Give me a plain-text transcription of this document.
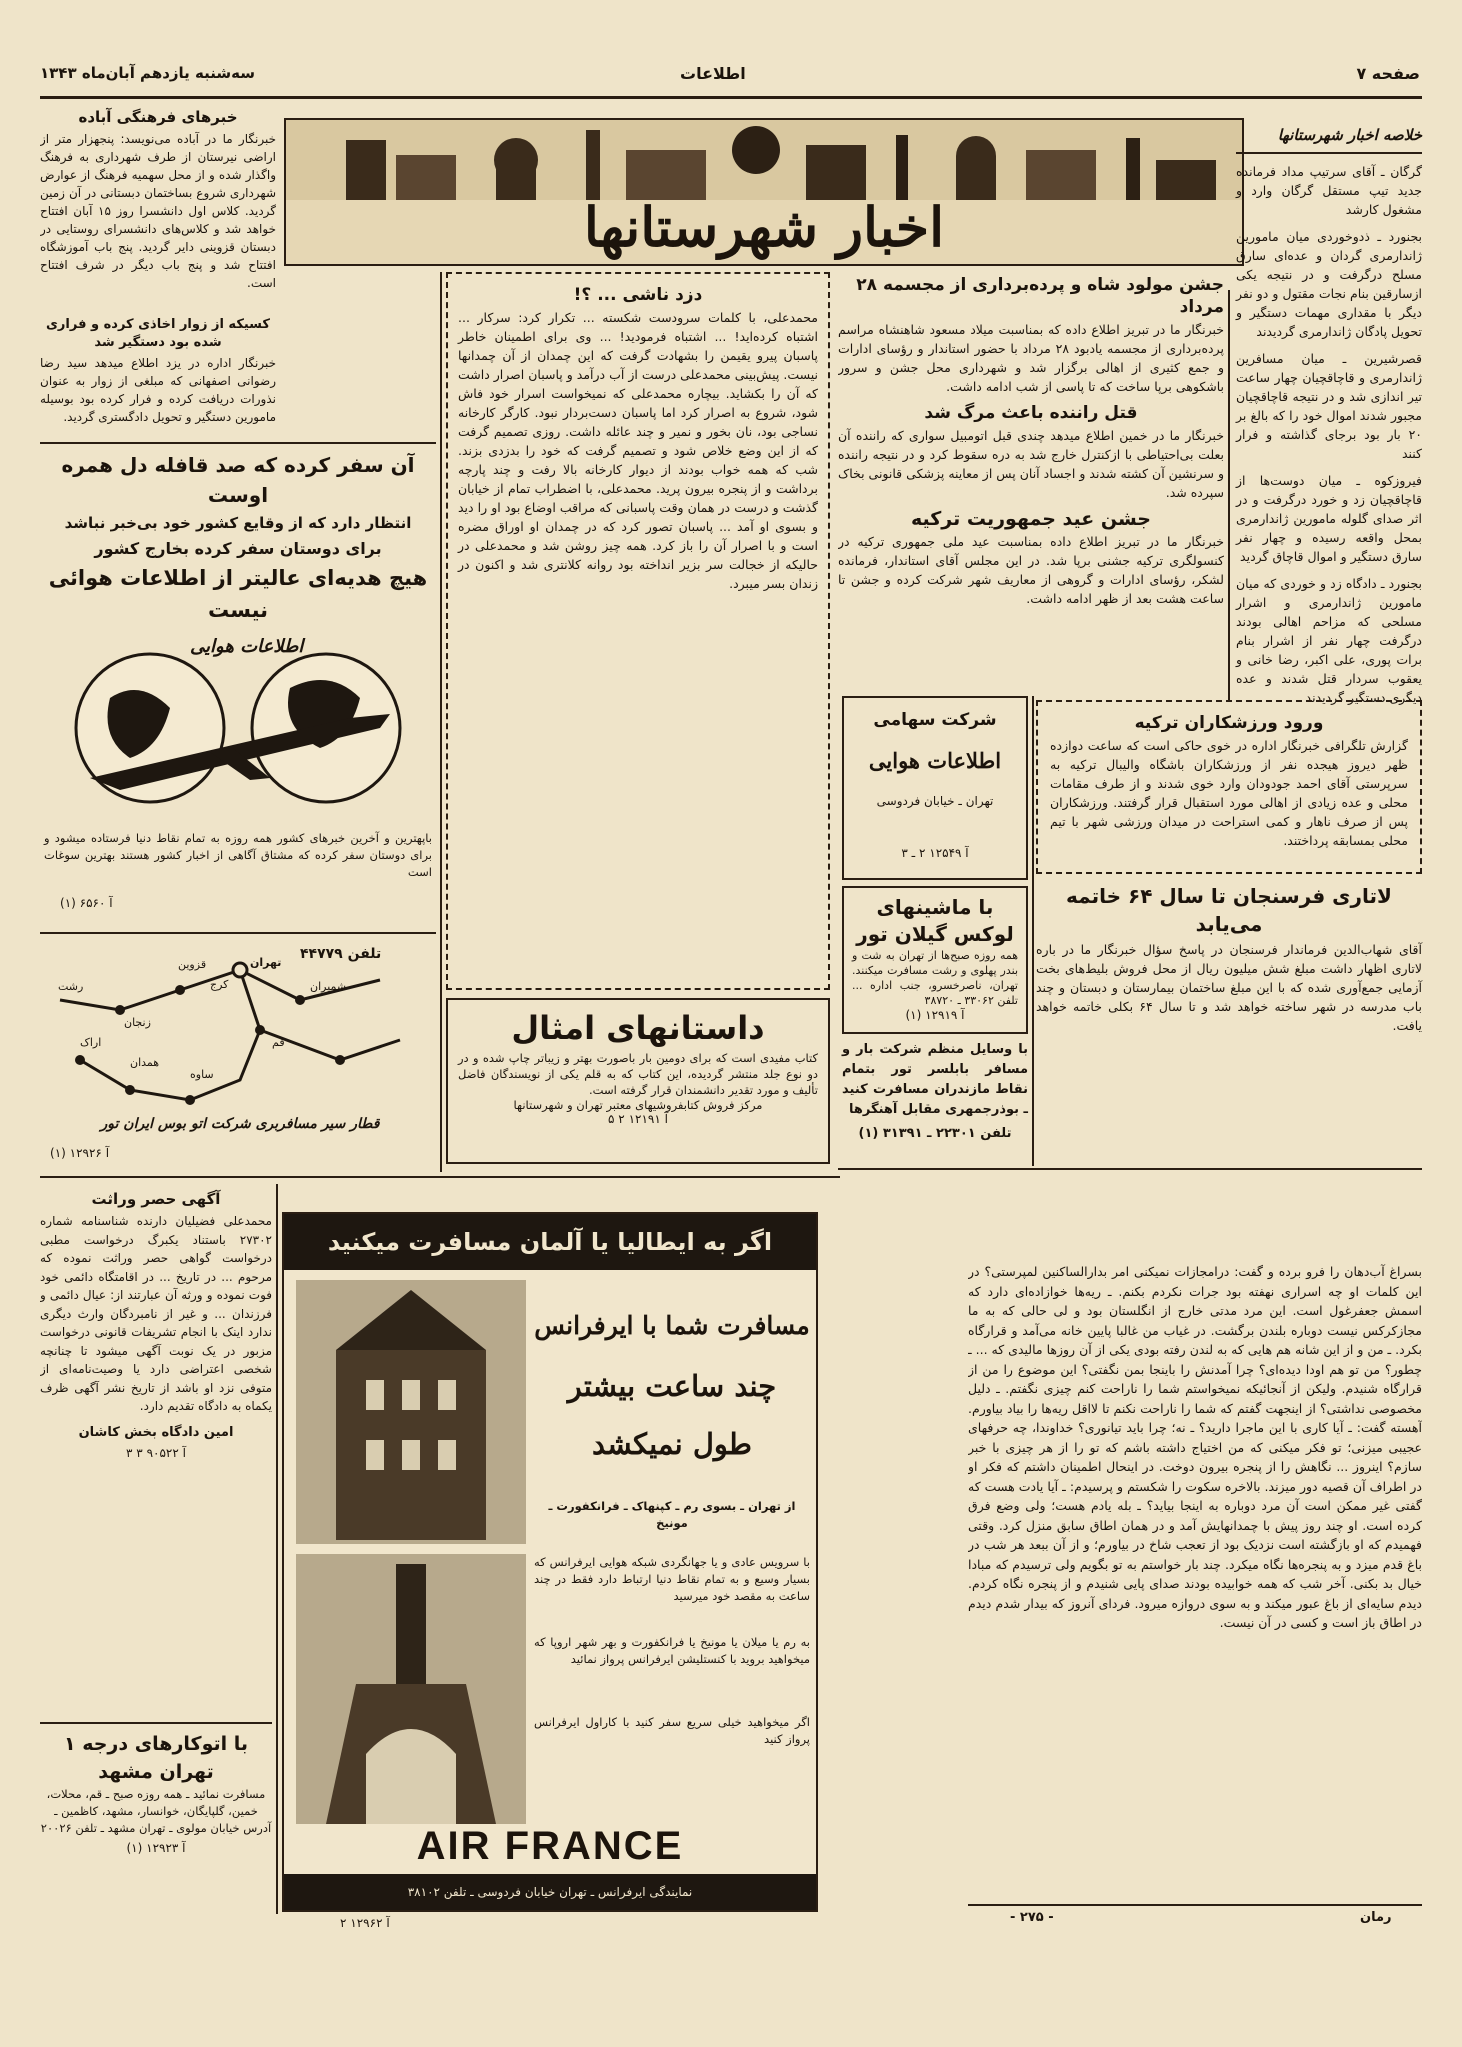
صفحه ۷
اطلاعات
سه‌شنبه یازدهم آبان‌ماه ۱۳۴۳
اخبار شهرستانها
خلاصه اخبار شهرستانها
گرگان ـ آقای سرتیپ مداد فرمانده جدید تیپ مستقل گرگان وارد و مشغول کارشد
بجنورد ـ ذدوخوردی میان مامورین ژاندارمری گردان و عده‌ای سارق مسلح درگرفت و در نتیجه یکی ازسارقین بنام نجات مقتول و دو نفر دیگر با مقداری مهمات دستگیر و تحویل پادگان ژاندارمری گردیدند
قصرشیرین ـ میان مسافرین ژاندارمری و قاچاقچیان چهار ساعت تیر اندازی شد و در نتیجه قاچاقچیان مجبور شدند اموال خود را که بالغ بر ۲۰ بار بود برجای گذاشته و فرار کنند
فیروزکوه ـ میان دوست‌ها از قاچاقچیان زد و خورد درگرفت و در اثر صدای گلوله مامورین ژاندارمری بمحل واقعه رسیده و چهار نفر سارق دستگیر و اموال قاچاق گردید
بجنورد ـ دادگاه زد و خوردی که میان مامورین ژاندارمری و اشرار مسلحی که مزاحم اهالی بودند درگرفت چهار نفر از اشرار بنام برات پوری، علی اکبر، رضا خانی و یعقوب سردار قتل شدند و عده دیگری دستگیر گردیدند
جشن مولود شاه و پرده‌برداری از مجسمه ۲۸ مرداد
خبرنگار ما در تبریز اطلاع داده که بمناسبت میلاد مسعود شاهنشاه مراسم پرده‌برداری از مجسمه یادبود ۲۸ مرداد با حضور استاندار و رؤسای ادارات و جمع کثیری از اهالی برگزار شد و شهرداری محل جشن و سرور باشکوهی برپا ساخت که تا پاسی از شب ادامه داشت.
قتل راننده باعث مرگ شد
خبرنگار ما در خمین اطلاع میدهد چندی قبل اتومبیل سواری که راننده آن بعلت بی‌احتیاطی با ازکنترل خارج شد به دره سقوط کرد و در نتیجه راننده و سرنشین آن کشته شدند و اجساد آنان پس از معاینه پزشکی قانونی بخاک سپرده شد.
جشن عید جمهوریت ترکیه
خبرنگار ما در تبریز اطلاع داده بمناسبت عید ملی جمهوری ترکیه در کنسولگری ترکیه جشنی برپا شد. در این مجلس آقای استاندار، فرمانده لشکر، رؤسای ادارات و گروهی از معاریف شهر شرکت کرده و جشن تا ساعت هشت بعد از ظهر ادامه داشت.
ورود ورزشکاران ترکیه
گزارش تلگرافی خبرنگار اداره در خوی حاکی است که ساعت دوازده ظهر دیروز هیجده نفر از ورزشکاران باشگاه والیبال ترکیه به سرپرستی آقای احمد جودودان وارد خوی شدند و از طرف مقامات محلی و عده زیادی از اهالی مورد استقبال قرار گرفتند. ورزشکاران پس از صرف ناهار و کمی استراحت در میدان ورزشی شهر با تیم محلی بمسابقه پرداختند.
لاتاری فرسنجان تا سال ۶۴ خاتمه می‌یابد
آقای شهاب‌الدین فرماندار فرسنجان در پاسخ سؤال خبرنگار ما در باره لاتاری اظهار داشت مبلغ شش میلیون ریال از محل فروش بلیط‌های بخت آزمایی جمع‌آوری شده که با این مبلغ ساختمان بیمارستان و دبستان و چند باب مدرسه در شهر ساخته خواهد شد و تا سال ۶۴ بکلی خاتمه خواهد یافت.
شرکت سهامی
اطلاعات هوایی
تهران ـ خیابان فردوسی
آ ۱۲۵۴۹ ۲ ـ ۳
با ماشینهای لوکس گیلان تور
همه روزه صبح‌ها از تهران به شت و بندر پهلوی و رشت مسافرت میکنند. تهران، ناصرخسرو، جنب اداره ... تلفن ۳۳۰۶۲ ـ ۳۸۷۲۰
آ ۱۲۹۱۹ (۱)
با وسایل منظم شرکت بار و مسافر بابلسر تور بتمام نقاط مازندران مسافرت کنید ـ بوذرجمهری مقابل آهنگرها
تلفن ۲۲۳۰۱ ـ ۳۱۳۹۱ (۱)
دزد ناشی ... ؟!
محمدعلی، با کلمات سرودست شکسته ... تکرار کرد: سرکار ... اشتباه کرده‌اید! ... اشتباه فرمودید! ... وی برای اطمینان خاطر پاسبان پیرو یقیمن را بشهادت گرفت که این چمدان از آن چمدانها نیست. پیش‌بینی محمدعلی درست از آب درآمد و پاسبان اصرار داشت که آن را بکشاید. بیچاره محمدعلی که نمیخواست اسرار خود فاش شود، شروع به اصرار کرد اما پاسبان دست‌بردار نبود. کارگر کارخانه نساجی بود، نان بخور و نمیر و چند عائله داشت. روزی تصمیم گرفت که از این وضع خلاص شود و تصمیم گرفت که خود را بدزدی بزند. شب که همه خواب بودند از دیوار کارخانه بالا رفت و چند پارچه برداشت و از پنجره بیرون پرید. محمدعلی، با اضطراب تمام از خیابان گذشت و درست در همان وقت پاسبانی که مراقب اوضاع بود او را دید و بسوی او آمد ... پاسبان تصور کرد که در چمدان او اوراق مضره است و با اصرار آن را باز کرد. همه چیز روشن شد و محمدعلی در حالیکه از خجالت سر بزیر انداخته بود روانه کلانتری شد و اکنون در زندان بسر میبرد.
داستانهای امثال
کتاب مفیدی است که برای دومین بار باصورت بهتر و زیباتر چاپ شده و در دو نوع جلد منتشر گردیده، این کتاب که به قلم یکی از نویسندگان فاضل تألیف و مورد تقدیر دانشمندان قرار گرفته است.
مرکز فروش کتابفروشیهای معتبر تهران و شهرستانها
آ ۱۲۱۹۱ ۲ ۵
خبرهای فرهنگی آباده
خبرنگار ما در آباده می‌نویسد: پنجهزار متر از اراضی نیرستان از طرف شهرداری به فرهنگ واگذار شده و از محل سهمیه فرهنگ از عوارض شهرداری شروع بساختمان دبستانی در آن زمین گردید. کلاس اول دانشسرا روز ۱۵ آبان افتتاح خواهد شد و کلاس‌های دانشسرای روستایی در دبستان قزوینی دایر گردید. پنج باب آموزشگاه افتتاح شد و پنج باب دیگر در شرف افتتاح است.
کسیکه از زوار اخاذی کرده و فراری شده بود دستگیر شد
خبرنگار اداره در یزد اطلاع میدهد سید رضا رضوانی اصفهانی که مبلغی از زوار به عنوان نذورات دریافت کرده و فرار کرده بود بوسیله مامورین دستگیر و تحویل دادگستری گردید.
آن سفر کرده که صد قافله دل همره اوست
انتظار دارد که از وقایع کشور خود بی‌خبر نباشد
برای دوستان سفر کرده بخارج کشور
هیچ هدیه‌ای عالیتر از اطلاعات هوائی نیست
اطلاعات هوایی
باپهترین و آخرین خبرهای کشور همه روزه به تمام نقاط دنیا فرستاده میشود و برای دوستان سفر کرده که مشتاق آگاهی از اخبار کشور هستند بهترین سوغات است
آ ۶۵۶۰ (۱)
تلفن ۴۴۷۷۹
تهران
قزوین
رشت	کرج
ساوه
همدان
اراک	قم
زنجان
شمیران
قطار سیر مسافربری شرکت اتو بوس ایران تور
آ ۱۲۹۲۶ (۱)
آگهی حصر وراثت
محمدعلی فضیلیان دارنده شناسنامه شماره ۲۷۳۰۲ باستناد یکبرگ درخواست مطبی درخواست گواهی حصر وراثت نموده که مرحوم ... در تاریخ ... در اقامتگاه دائمی خود فوت نموده و ورثه آن عبارتند از: عیال دائمی و فرزندان ... و غیر از نامبردگان وارث دیگری ندارد اینک با انجام تشریفات قانونی درخواست مزبور در یک نوبت آگهی میشود تا چنانچه شخصی اعتراضی دارد یا وصیت‌نامه‌ای از متوفی نزد او باشد از تاریخ نشر آگهی ظرف یکماه به دادگاه تقدیم دارد.
امین دادگاه بخش کاشان
آ ۹۰۵۲۲ ۳ ۳
با اتوکارهای درجه ۱
تهران مشهد
مسافرت نمائید ـ همه روزه صبح ـ قم، محلات، خمین، گلپایگان، خوانسار، مشهد، کاظمین ـ آدرس خیابان مولوی ـ تهران مشهد ـ تلفن ۲۰۰۲۶
آ ۱۲۹۲۳ (۱)
اگر به ایطالیا یا آلمان مسافرت میکنید
مسافرت شما با ایرفرانس
چند ساعت بیشتر
طول نمیکشد
از تهران ـ بسوی رم ـ کپنهاک ـ فرانکفورت ـ مونیخ
با سرویس عادی و یا جهانگردی شبکه هوایی ایرفرانس که بسیار وسیع و به تمام نقاط دنیا ارتباط دارد فقط در چند ساعت به مقصد خود میرسید
به رم یا میلان یا مونیخ یا فرانکفورت و بهر شهر اروپا که میخواهید بروید با کنستلیشن ایرفرانس پرواز نمائید
اگر میخواهید خیلی سریع سفر کنید با کاراول ایرفرانس پرواز کنید
AIR FRANCE
نمایندگی ایرفرانس ـ تهران خیابان فردوسی ـ تلفن ۳۸۱۰۲
آ ۱۲۹۶۲ ۲
بسراغ آب‌دهان را فرو برده و گفت: درامجازات نمیکنی امر بدارالساکنین لمپرستی؟ در این کلمات او چه اسراری نهفته بود جرات نکردم بکنم. ـ ریه‌ها خوازاده‌ای دارد که اسمش جعفرغول است. این مرد مدتی خارج از انگلستان بود و لی حالی که به ما مجازکرکس نیست دوباره بلندن برگشت. در غیاب من غالبا پایین خانه می‌آمد و قرارگاه بکرد. ـ من و از این شانه هم هایی که به لندن رفته بودی یکی از آن روزها مالیدی که ... ـ چطور؟ من تو هم اودا دیده‌ای؟ چرا آمدنش را باینجا بمن نگفتی؟ این موضوع را من از قرارگاه شنیدم. ولیکن از آنجائیکه نمیخواستم شما را ناراحت کنم چیزی نگفتم. ـ دلیل مخصوصی نداشتی؟ از اینجهت گفتم که شما را ناراحت نکنم تا لااقل ریه‌ها را بیاد بیاورم. آهسته گفت: ـ آیا کاری با این ماجرا دارید؟ ـ نه؛ چرا باید تیانوری؟ خداوندا، چه حرفهای عجیبی میزنی؛ تو فکر میکنی که من اختیاج داشته باشم که تو را از هر چیزی با خبر سازم؟ اینروز ... نگاهش را از پنجره بیرون دوخت. در اینحال اطمینان داشتم که فکر او در اطراف آن قصیه دور میزند. بالاخره سکوت را شکستم و پرسیدم: ـ آیا یادت هست که گفتی غیر ممکن است آن مرد دوباره به اینجا بیاید؟ ـ بله یادم هست؛ ولی وضع فرق کرده است. او چند روز پیش با چمدانهایش آمد و در همان اطاق سابق منزل کرد. وقتی فهمیدم که او بازگشته است نزدیک بود از تعجب شاخ در بیاورم؛ و از آن ببعد هر شب در باغ قدم میزد و به پنجره‌ها نگاه میکرد. چند بار خواستم به تو بگویم ولی ترسیدم که مبادا خیال بد بکنی. آخر شب که همه خوابیده بودند صدای پایی شنیدم و از پنجره نگاه کردم. دیدم سایه‌ای از باغ عبور میکند و به سوی دروازه میرود. فردای آنروز که بیدار شدم دیدم در اطاق باز است و کسی در آن نیست.
رمان
- ۲۷۵ -
